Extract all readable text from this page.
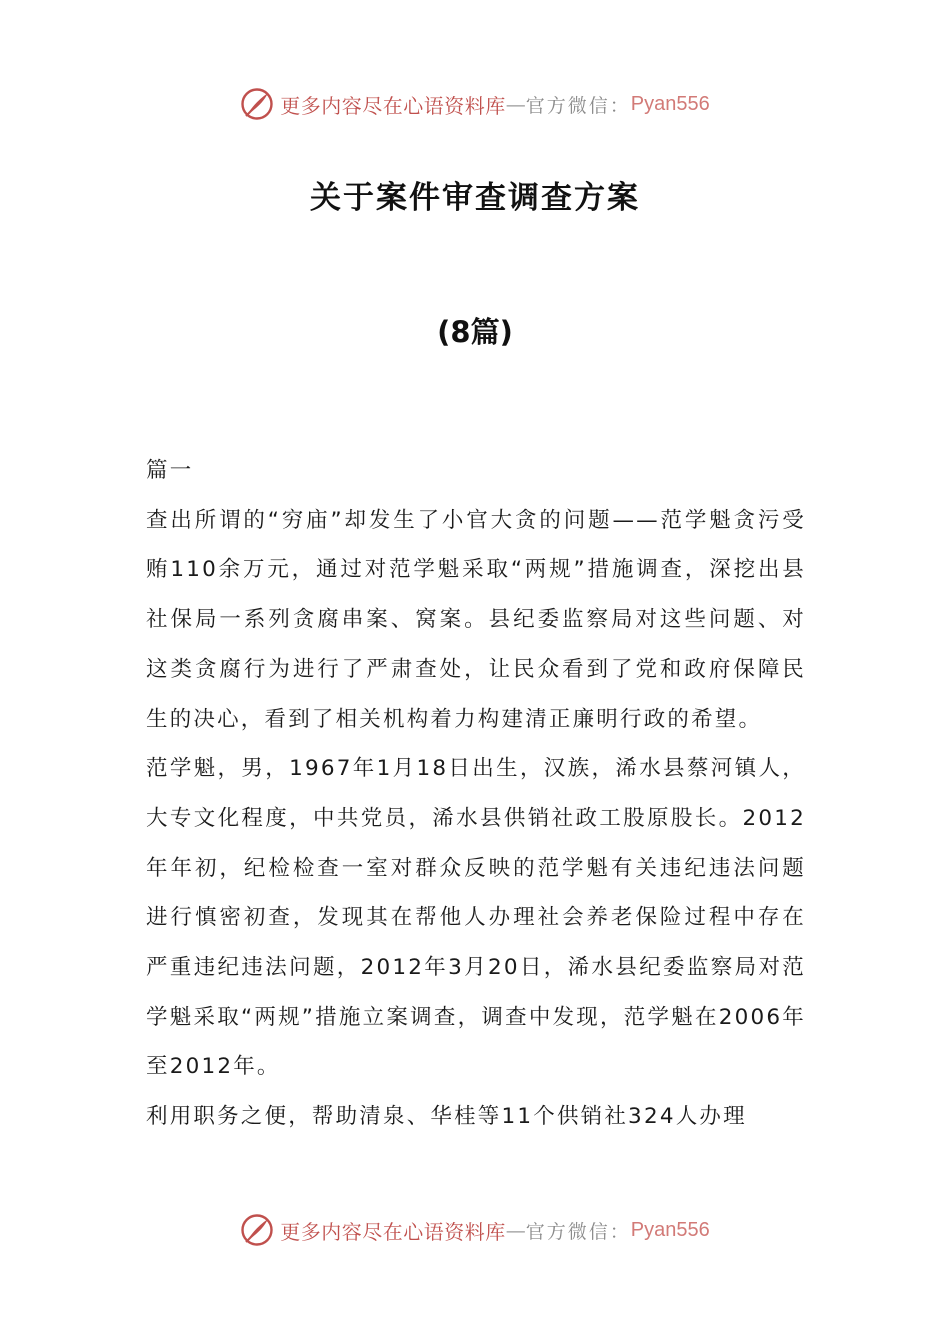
更多内容尽在心语资料库 — 官方微信： Pyan556
关于案件审查调查方案
(8篇)

篇一

查出所谓的“穷庙”却发生了小官大贪的问题——范学魁贪污受贿110余万元，通过对范学魁采取“两规”措施调查，深挖出县社保局一系列贪腐串案、窝案。县纪委监察局对这些问题、对这类贪腐行为进行了严肃查处，让民众看到了党和政府保障民生的决心，看到了相关机构着力构建清正廉明行政的希望。

范学魁，男，1967年1月18日出生，汉族，浠水县蔡河镇人，大专文化程度，中共党员，浠水县供销社政工股原股长。2012年年初，纪检检查一室对群众反映的范学魁有关违纪违法问题进行慎密初查，发现其在帮他人办理社会养老保险过程中存在严重违纪违法问题，2012年3月20日，浠水县纪委监察局对范学魁采取“两规”措施立案调查，调查中发现，范学魁在2006年至2012年。

利用职务之便，帮助清泉、华桂等11个供销社324人办理

更多内容尽在心语资料库 — 官方微信： Pyan556
